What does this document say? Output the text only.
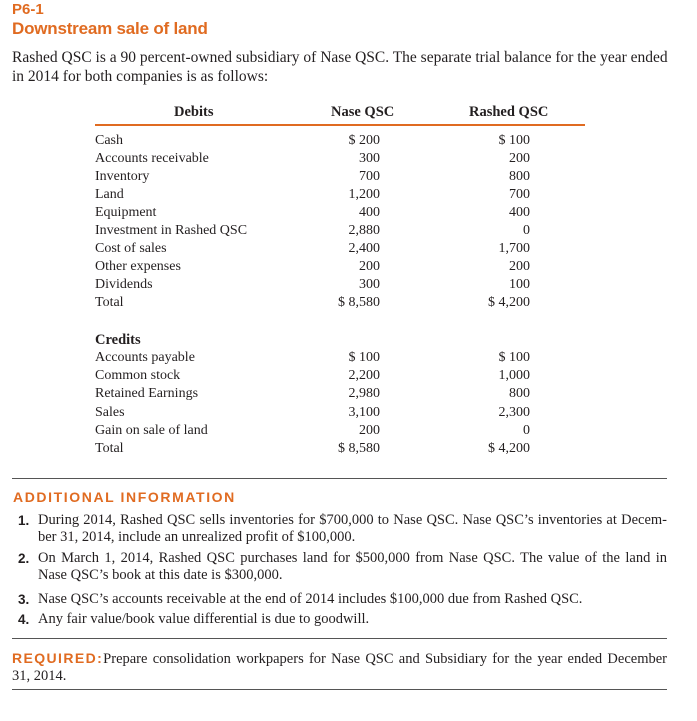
P6-1
Downstream sale of land
Rashed QSC is a 90 percent-owned subsidiary of Nase QSC. The separate trial balance for the year ended in 2014 for both companies is as follows:
Debits	Nase QSC	Rashed QSC
Cash	$ 200	$ 100
Accounts receivable	300	200
Inventory	700	800
Land	1,200	700
Equipment	400	400
Investment in Rashed QSC	2,880	0
Cost of sales	2,400	1,700
Other expenses	200	200
Dividends	300	100
Total	$ 8,580	$ 4,200
Credits
Accounts payable	$ 100	$ 100
Common stock	2,200	1,000
Retained Earnings	2,980	800
Sales	3,100	2,300
Gain on sale of land	200	0
Total	$ 8,580	$ 4,200
ADDITIONAL INFORMATION
1. During 2014, Rashed QSC sells inventories for $700,000 to Nase QSC. Nase QSC’s inventories at Decem-ber 31, 2014, include an unrealized profit of $100,000.
2. On March 1, 2014, Rashed QSC purchases land for $500,000 from Nase QSC. The value of the land in Nase QSC’s book at this date is $300,000.
3. Nase QSC’s accounts receivable at the end of 2014 includes $100,000 due from Rashed QSC.
4. Any fair value/book value differential is due to goodwill.
REQUIRED:Prepare consolidation workpapers for Nase QSC and Subsidiary for the year ended December 31, 2014.
